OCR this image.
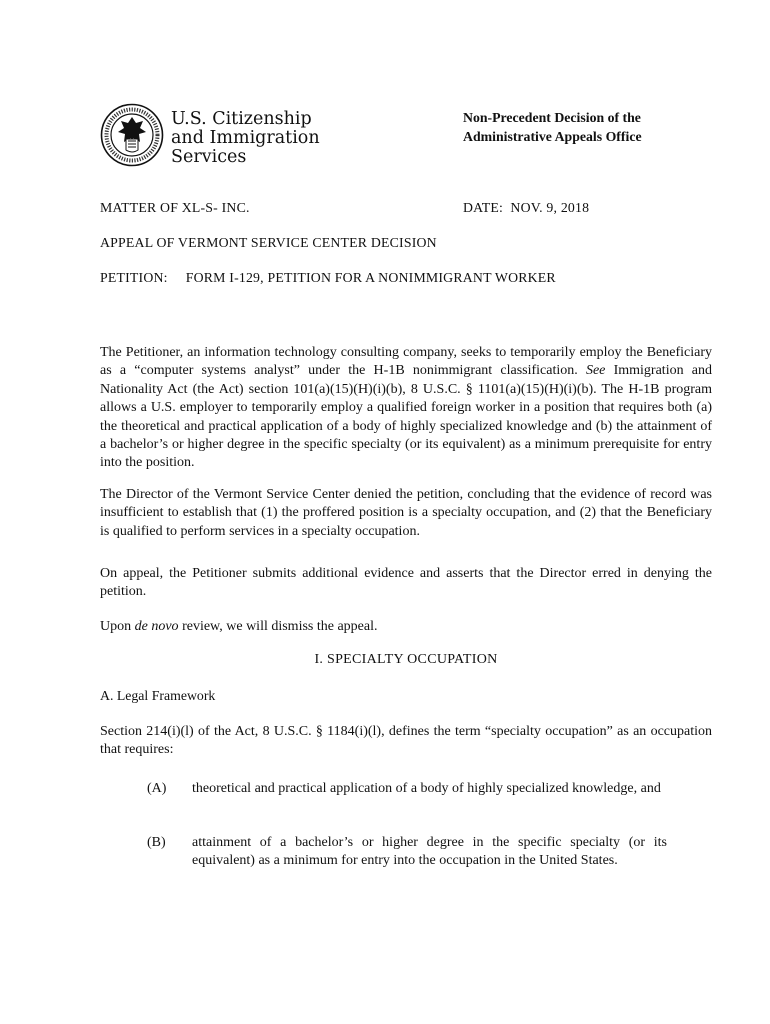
U.S. Citizenship
and Immigration
Services
Non-Precedent Decision of the
Administrative Appeals Office
MATTER OF XL-S- INC.	DATE: NOV. 9, 2018
APPEAL OF VERMONT SERVICE CENTER DECISION
PETITION: FORM I-129, PETITION FOR A NONIMMIGRANT WORKER
The Petitioner, an information technology consulting company, seeks to temporarily employ the Beneficiary as a “computer systems analyst” under the H-1B nonimmigrant classification. See Immigration and Nationality Act (the Act) section 101(a)(15)(H)(i)(b), 8 U.S.C. § 1101(a)(15)(H)(i)(b). The H-1B program allows a U.S. employer to temporarily employ a qualified foreign worker in a position that requires both (a) the theoretical and practical application of a body of highly specialized knowledge and (b) the attainment of a bachelor’s or higher degree in the specific specialty (or its equivalent) as a minimum prerequisite for entry into the position.
The Director of the Vermont Service Center denied the petition, concluding that the evidence of record was insufficient to establish that (1) the proffered position is a specialty occupation, and (2) that the Beneficiary is qualified to perform services in a specialty occupation.
On appeal, the Petitioner submits additional evidence and asserts that the Director erred in denying the petition.
Upon de novo review, we will dismiss the appeal.
I. SPECIALTY OCCUPATION
A. Legal Framework
Section 214(i)(l) of the Act, 8 U.S.C. § 1184(i)(l), defines the term “specialty occupation” as an occupation that requires:
(A) theoretical and practical application of a body of highly specialized knowledge, and
(B) attainment of a bachelor’s or higher degree in the specific specialty (or its equivalent) as a minimum for entry into the occupation in the United States.
